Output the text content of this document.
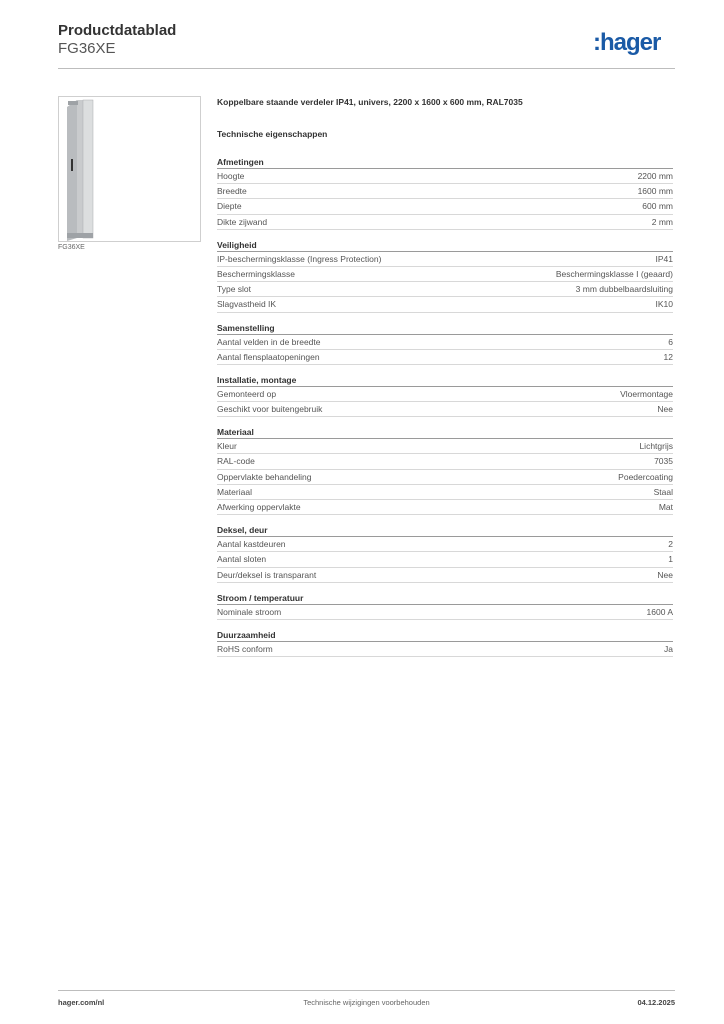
Productdatablad
FG36XE	:hager
FG36XE
Koppelbare staande verdeler IP41, univers, 2200 x 1600 x 600 mm, RAL7035
Technische eigenschappen
Afmetingen
Hoogte	2200 mm
Breedte	1600 mm
Diepte	600 mm
Dikte zijwand	2 mm
Veiligheid
IP-beschermingsklasse (Ingress Protection)	IP41
Beschermingsklasse	Beschermingsklasse I (geaard)
Type slot	3 mm dubbelbaardsluiting
Slagvastheid IK	IK10
Samenstelling
Aantal velden in de breedte	6
Aantal flensplaatopeningen	12
Installatie, montage
Gemonteerd op	Vloermontage
Geschikt voor buitengebruik	Nee
Materiaal
Kleur	Lichtgrijs
RAL-code	7035
Oppervlakte behandeling	Poedercoating
Materiaal	Staal
Afwerking oppervlakte	Mat
Deksel, deur
Aantal kastdeuren	2
Aantal sloten	1
Deur/deksel is transparant	Nee
Stroom / temperatuur
Nominale stroom	1600 A
Duurzaamheid
RoHS conform	Ja
Technische wijzigingen voorbehouden
hager.com/nl	04.12.2025
